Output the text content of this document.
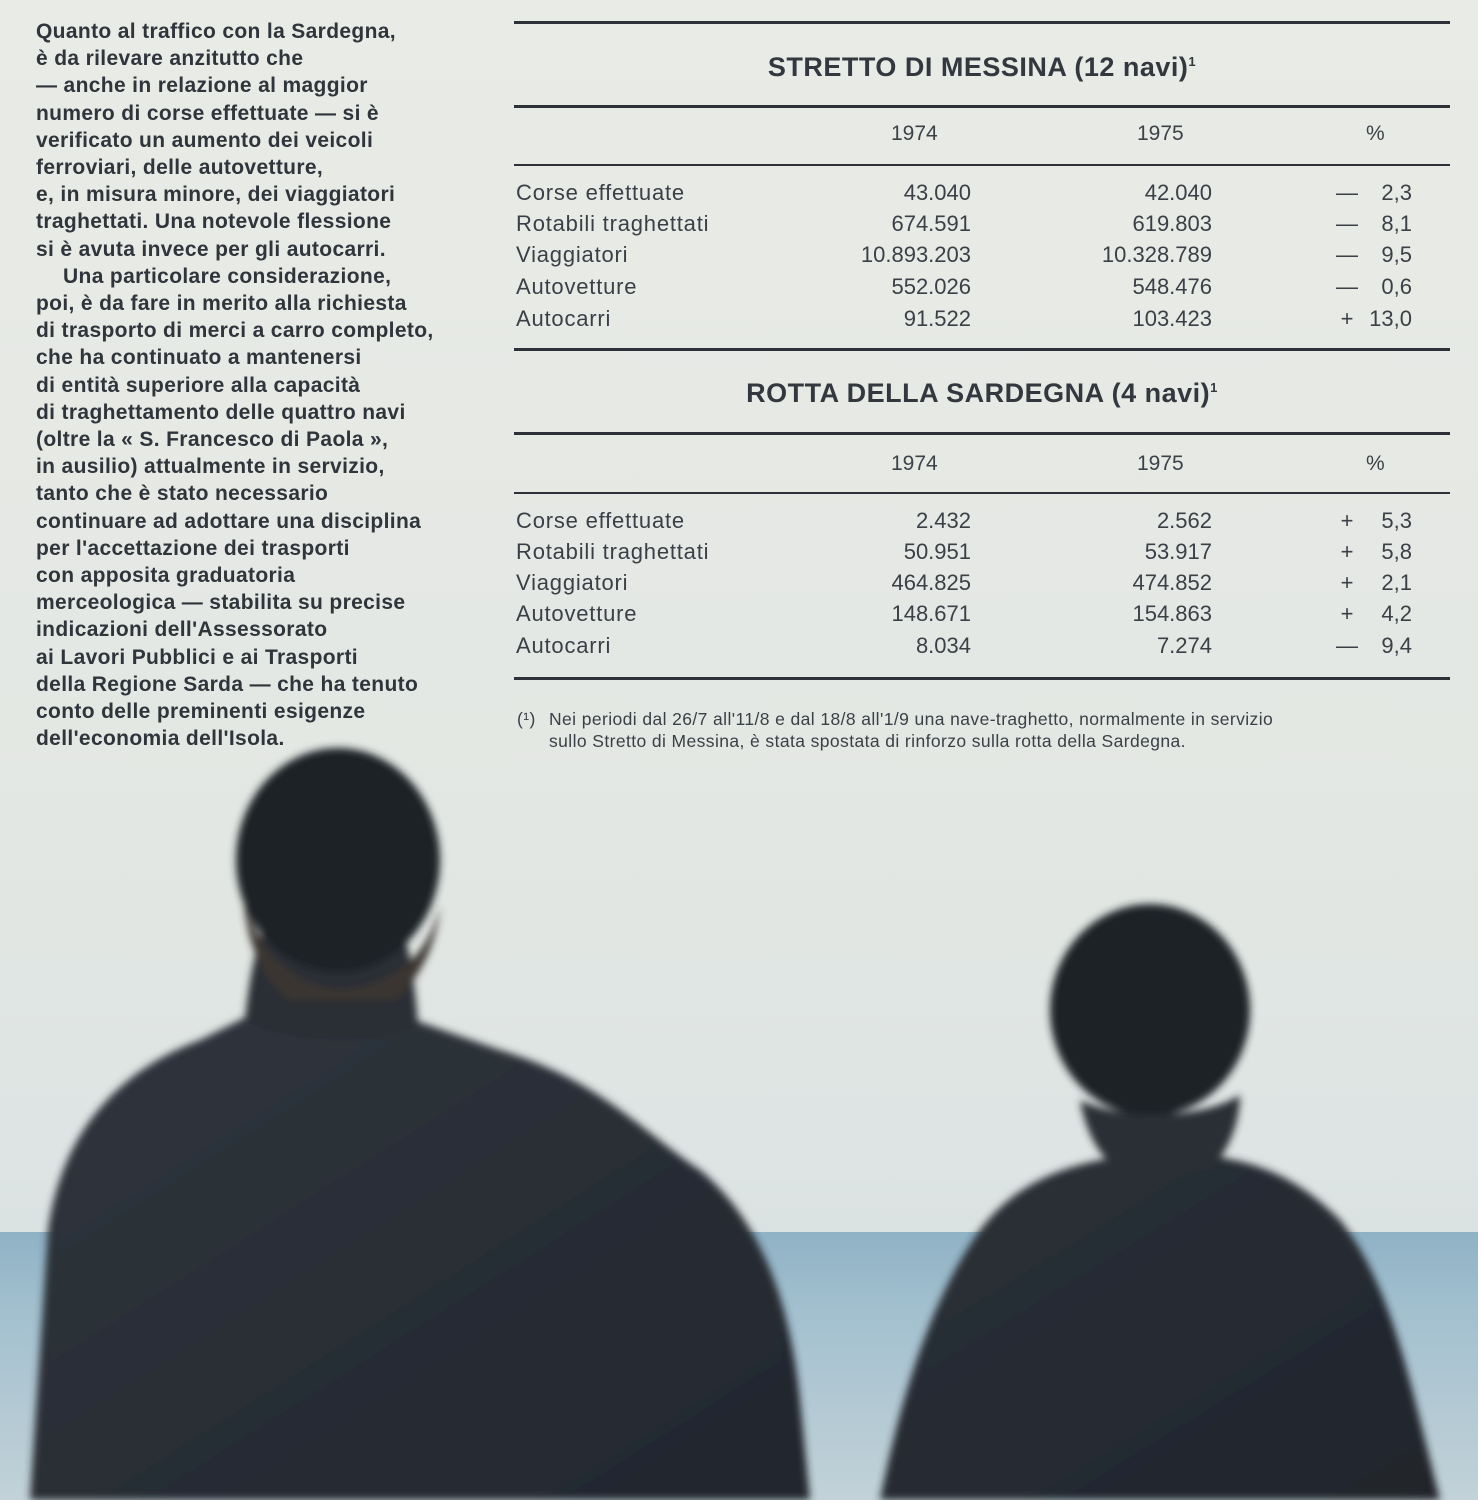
Quanto al traffico con la Sardegna,
è da rilevare anzitutto che
— anche in relazione al maggior
numero di corse effettuate — si è
verificato un aumento dei veicoli
ferroviari, delle autovetture,
e, in misura minore, dei viaggiatori
traghettati. Una notevole flessione
si è avuta invece per gli autocarri.

Una particolare considerazione,
poi, è da fare in merito alla richiesta
di trasporto di merci a carro completo,
che ha continuato a mantenersi
di entità superiore alla capacità
di traghettamento delle quattro navi
(oltre la « S. Francesco di Paola »,
in ausilio) attualmente in servizio,
tanto che è stato necessario
continuare ad adottare una disciplina
per l'accettazione dei trasporti
con apposita graduatoria
merceologica — stabilita su precise
indicazioni dell'Assessorato
ai Lavori Pubblici e ai Trasporti
della Regione Sarda — che ha tenuto
conto delle preminenti esigenze
dell'economia dell'Isola.

STRETTO DI MESSINA (12 navi)$^1$
1974	1975	%
Corse effettuate	43.040	42.040	—	2,3
Rotabili traghettati	674.591	619.803	—	8,1
Viaggiatori	10.893.203	10.328.789	—	9,5
Autovetture	552.026	548.476	—	0,6
Autocarri	91.522	103.423	+ 13,0
ROTTA DELLA SARDEGNA (4 navi)$^1$
1974	1975	%
Corse effettuate	2.432	2.562	+	5,3
Rotabili traghettati	50.951	53.917	+	5,8
Viaggiatori	464.825	474.852	+	2,1
Autovetture	148.671	154.863	+	4,2
Autocarri	8.034	7.274	—	9,4
(¹) Nei periodi dal 26/7 all'11/8 e dal 18/8 all'1/9 una nave-traghetto, normalmente in servizio
sullo Stretto di Messina, è stata spostata di rinforzo sulla rotta della Sardegna.
